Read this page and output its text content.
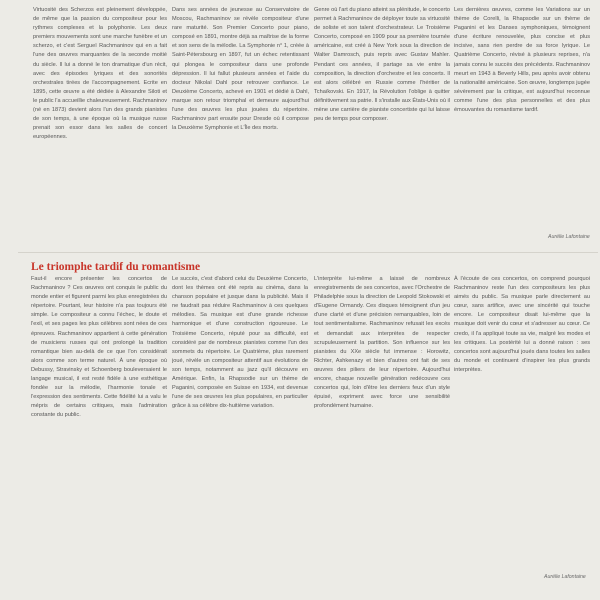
Virtuosité des Scherzos est pleinement développée, de même que la passion du compositeur pour les rythmes complexes et la polyphonie. Les deux premiers mouvements sont une marche funèbre et un scherzo, et c'est Sergueï Rachmaninov qui en a fait l'une des œuvres marquantes de la seconde moitié du siècle. Il lui a donné le ton dramatique d'un récit, avec des épisodes lyriques et des sonorités orchestrales tirées de l'accompagnement. Ecrite en 1895, cette œuvre a été dédiée à Alexandre Siloti et le public l'a accueillie chaleureusement. Rachmaninov (né en 1873) devient alors l'un des grands pianistes de son temps, à une époque où la musique russe prenait son essor dans les salles de concert européennes.

Dans ses années de jeunesse au Conservatoire de Moscou, Rachmaninov se révèle compositeur d'une rare maturité. Son Premier Concerto pour piano, composé en 1891, montre déjà sa maîtrise de la forme et son sens de la mélodie. La Symphonie n° 1, créée à Saint-Pétersbourg en 1897, fut un échec retentissant qui plongea le compositeur dans une profonde dépression. Il lui fallut plusieurs années et l'aide du docteur Nikolaï Dahl pour retrouver confiance. Le Deuxième Concerto, achevé en 1901 et dédié à Dahl, marque son retour triomphal et demeure aujourd'hui l'une des œuvres les plus jouées du répertoire. Rachmaninov part ensuite pour Dresde où il compose la Deuxième Symphonie et L'Île des morts.

Genre où l'art du piano atteint sa plénitude, le concerto permet à Rachmaninov de déployer toute sa virtuosité de soliste et son talent d'orchestrateur. Le Troisième Concerto, composé en 1909 pour sa première tournée américaine, est créé à New York sous la direction de Walter Damrosch, puis repris avec Gustav Mahler. Pendant ces années, il partage sa vie entre la composition, la direction d'orchestre et les concerts. Il est alors célébré en Russie comme l'héritier de Tchaïkovski. En 1917, la Révolution l'oblige à quitter définitivement sa patrie. Il s'installe aux États-Unis où il mène une carrière de pianiste concertiste qui lui laisse peu de temps pour composer.

Les dernières œuvres, comme les Variations sur un thème de Corelli, la Rhapsodie sur un thème de Paganini et les Danses symphoniques, témoignent d'une écriture renouvelée, plus concise et plus incisive, sans rien perdre de sa force lyrique. Le Quatrième Concerto, révisé à plusieurs reprises, n'a jamais connu le succès des précédents. Rachmaninov meurt en 1943 à Beverly Hills, peu après avoir obtenu la nationalité américaine. Son œuvre, longtemps jugée sévèrement par la critique, est aujourd'hui reconnue comme l'une des plus personnelles et des plus émouvantes du romantisme tardif.

Aurélie Lafontaine
Le triomphe tardif du romantisme

Faut-il encore présenter les concertos de Rachmaninov ? Ces œuvres ont conquis le public du monde entier et figurent parmi les plus enregistrées du répertoire. Pourtant, leur histoire n'a pas toujours été simple. Le compositeur a connu l'échec, le doute et l'exil, et ses pages les plus célèbres sont nées de ces épreuves. Rachmaninov appartient à cette génération de musiciens russes qui ont prolongé la tradition romantique bien au-delà de ce que l'on considérait alors comme son terme naturel. À une époque où Debussy, Stravinsky et Schoenberg bouleversaient le langage musical, il est resté fidèle à une esthétique fondée sur la mélodie, l'harmonie tonale et l'expression des sentiments. Cette fidélité lui a valu le mépris de certains critiques, mais l'admiration constante du public.

Le succès, c'est d'abord celui du Deuxième Concerto, dont les thèmes ont été repris au cinéma, dans la chanson populaire et jusque dans la publicité. Mais il ne faudrait pas réduire Rachmaninov à ces quelques mélodies. Sa musique est d'une grande richesse harmonique et d'une construction rigoureuse. Le Troisième Concerto, réputé pour sa difficulté, est considéré par de nombreux pianistes comme l'un des sommets du répertoire. Le Quatrième, plus rarement joué, révèle un compositeur attentif aux évolutions de son temps, notamment au jazz qu'il découvre en Amérique. Enfin, la Rhapsodie sur un thème de Paganini, composée en Suisse en 1934, est devenue l'une de ses œuvres les plus populaires, en particulier grâce à sa célèbre dix-huitième variation.

L'interprète lui-même a laissé de nombreux enregistrements de ses concertos, avec l'Orchestre de Philadelphie sous la direction de Leopold Stokowski et d'Eugene Ormandy. Ces disques témoignent d'un jeu d'une clarté et d'une précision remarquables, loin de tout sentimentalisme. Rachmaninov refusait les excès et demandait aux interprètes de respecter scrupuleusement la partition. Son influence sur les pianistes du XXe siècle fut immense : Horowitz, Richter, Ashkenazy et bien d'autres ont fait de ses œuvres des piliers de leur répertoire. Aujourd'hui encore, chaque nouvelle génération redécouvre ces concertos qui, loin d'être les derniers feux d'un style épuisé, expriment avec force une sensibilité profondément humaine.

À l'écoute de ces concertos, on comprend pourquoi Rachmaninov reste l'un des compositeurs les plus aimés du public. Sa musique parle directement au cœur, sans artifice, avec une sincérité qui touche encore. Le compositeur disait lui-même que la musique doit venir du cœur et s'adresser au cœur. Ce credo, il l'a appliqué toute sa vie, malgré les modes et les critiques. La postérité lui a donné raison : ses concertos sont aujourd'hui joués dans toutes les salles du monde et continuent d'inspirer les plus grands interprètes.

Aurélie Lafontaine
